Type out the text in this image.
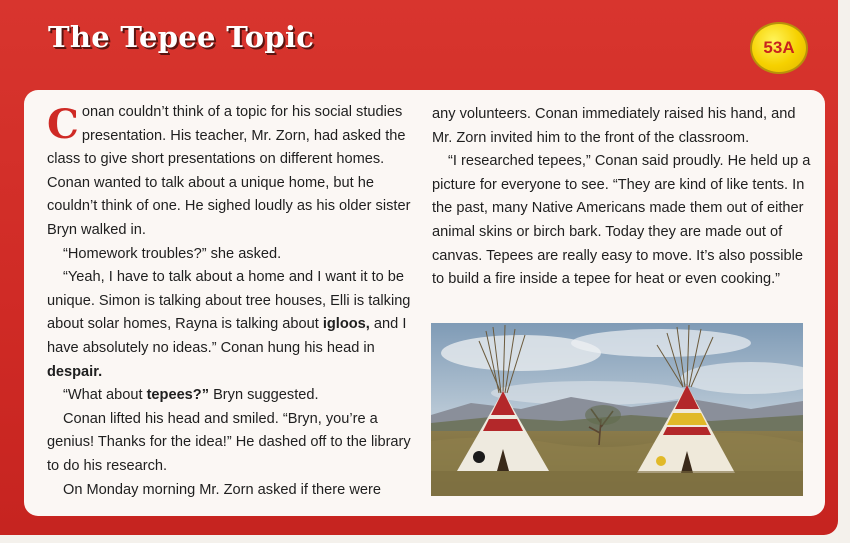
The Tepee Topic	53A

Conan couldn’t think of a topic for his social studies presentation. His teacher, Mr. Zorn, had asked the class to give short presentations on different homes. Conan wanted to talk about a unique home, but he couldn’t think of one. He sighed loudly as his older sister Bryn walked in.

“Homework troubles?” she asked.

“Yeah, I have to talk about a home and I want it to be unique. Simon is talking about tree houses, Elli is talking about solar homes, Rayna is talking about igloos, and I have absolutely no ideas.” Conan hung his head in despair.

“What about tepees?” Bryn suggested.

Conan lifted his head and smiled. “Bryn, you’re a genius! Thanks for the idea!” He dashed off to the library to do his research.

On Monday morning Mr. Zorn asked if there were

any volunteers. Conan immediately raised his hand, and Mr. Zorn invited him to the front of the classroom.

“I researched tepees,” Conan said proudly. He held up a picture for everyone to see. “They are kind of like tents. In the past, many Native Americans made them out of either animal skins or birch bark. Today they are made out of canvas. Tepees are really easy to move. It’s also possible to build a fire inside a tepee for heat or even cooking.”
